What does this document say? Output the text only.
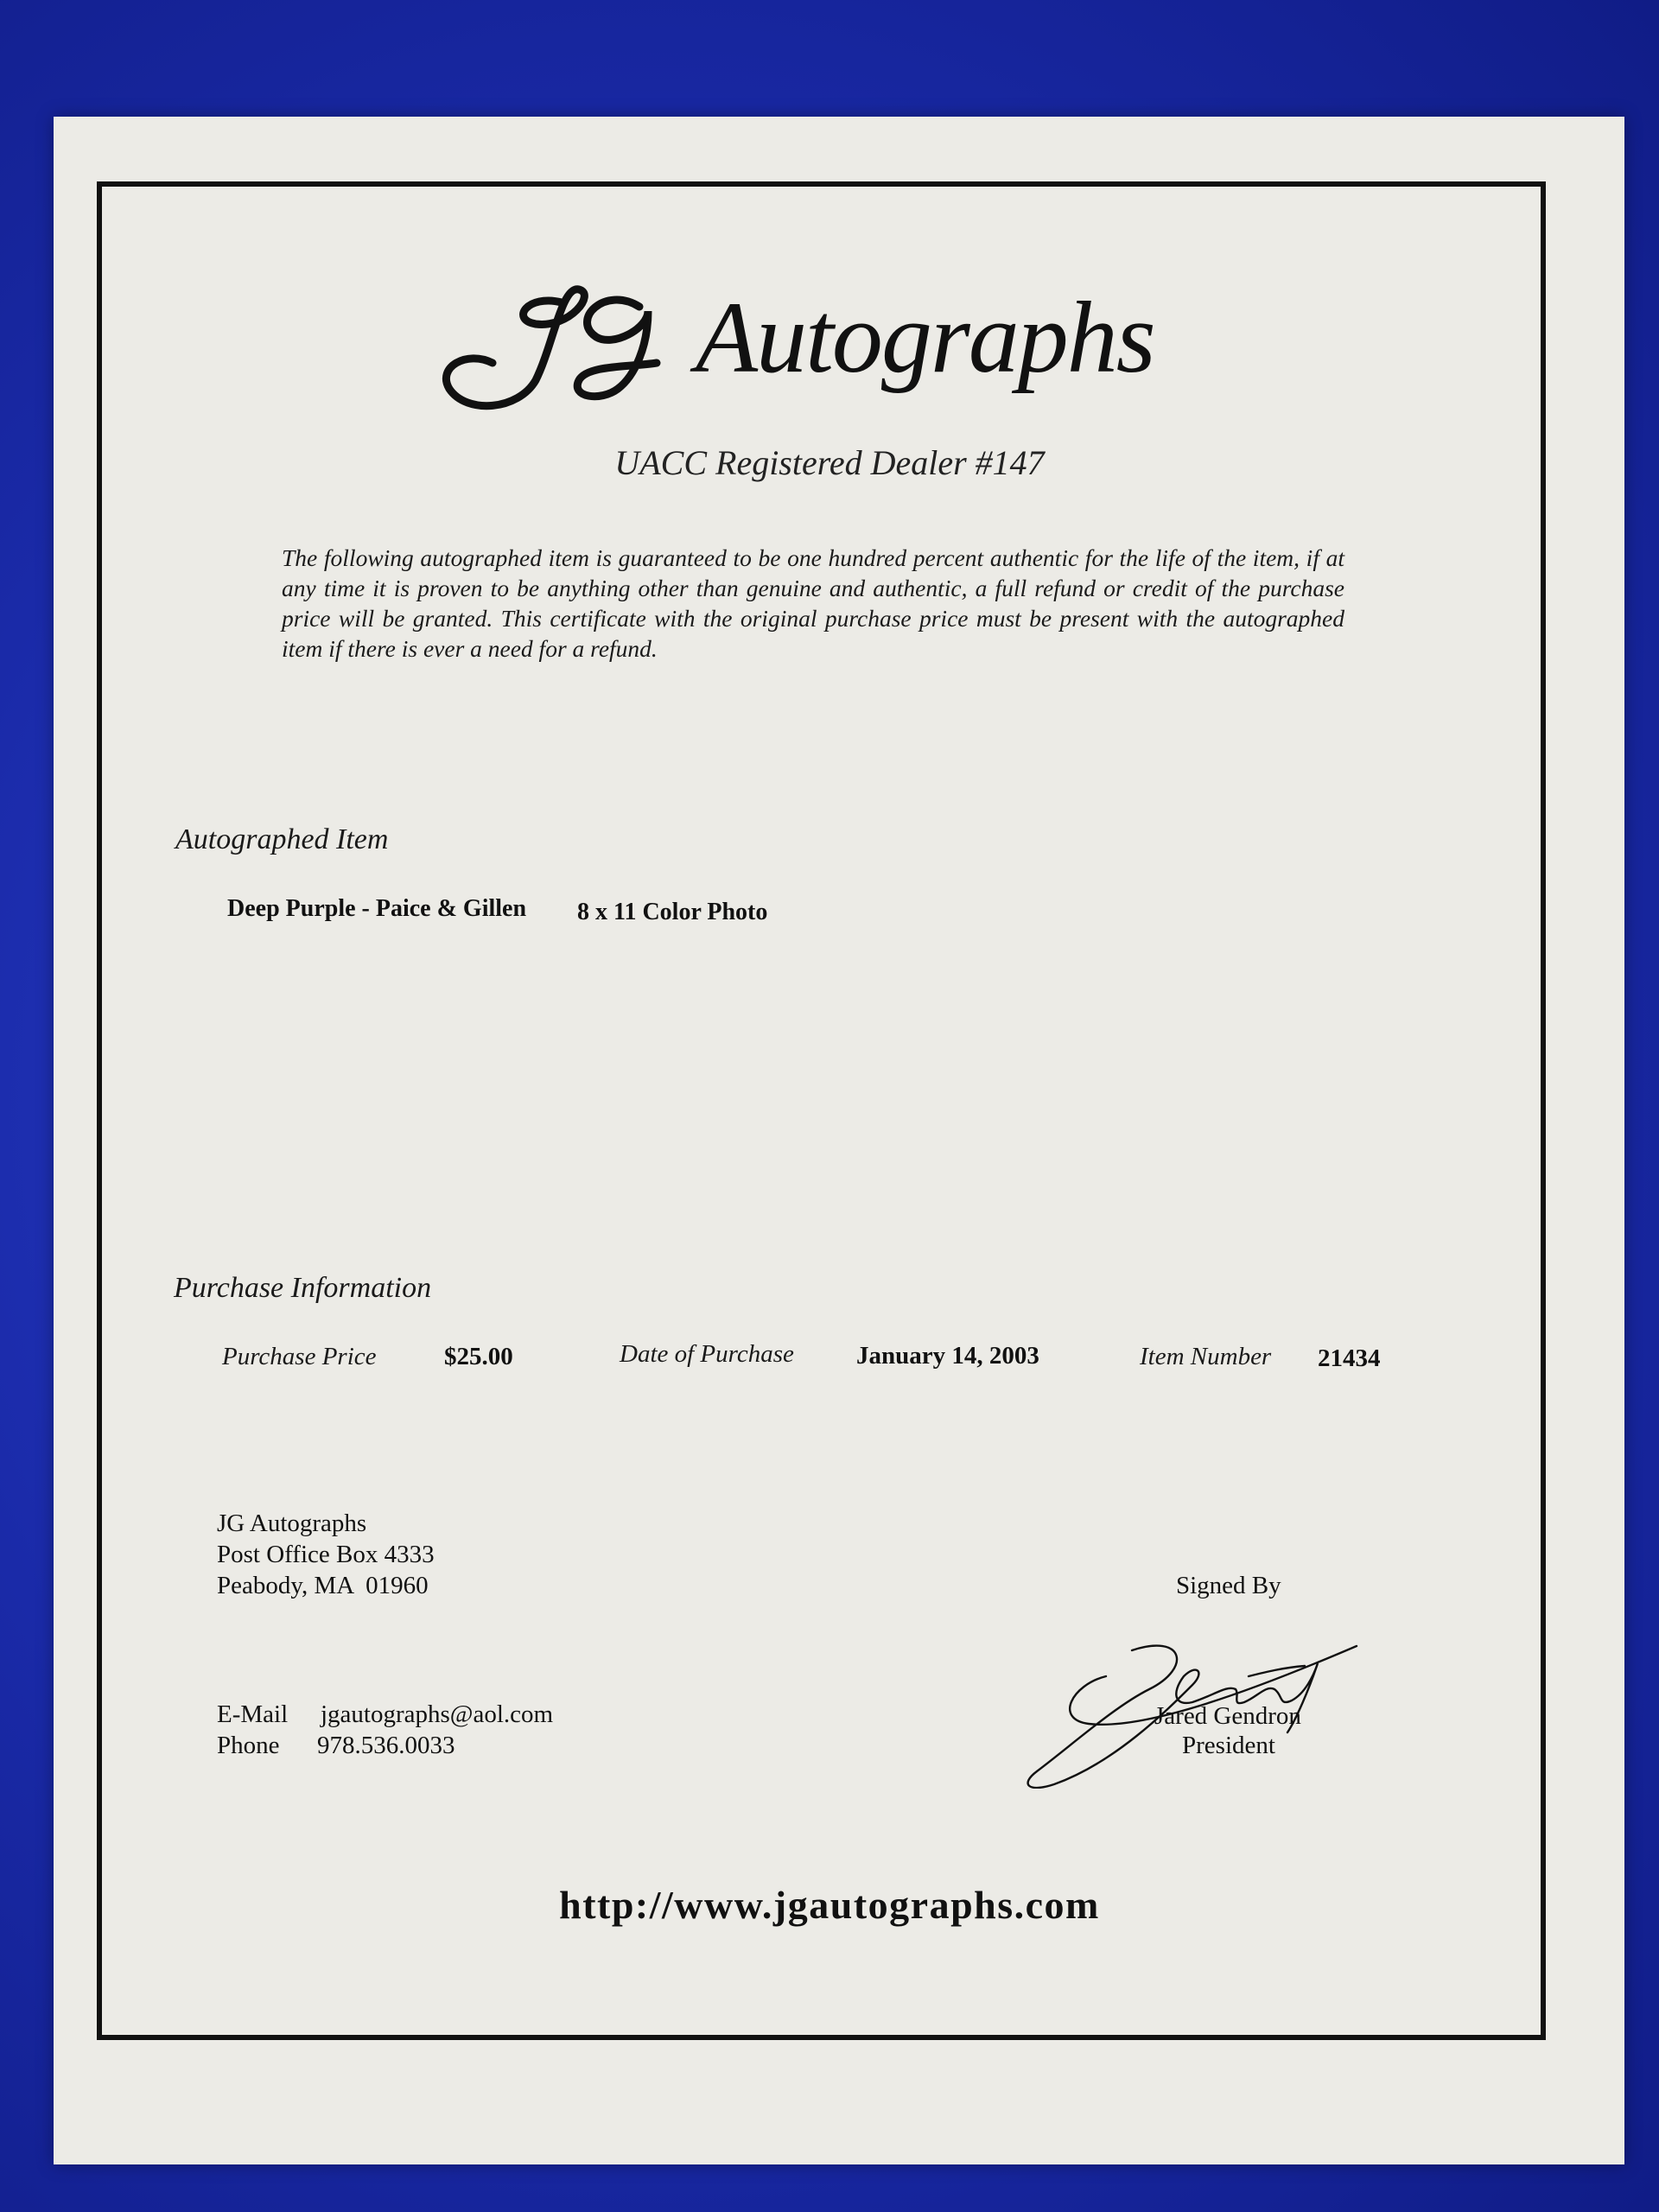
Autographs
UACC Registered Dealer #147
The following autographed item is guaranteed to be one hundred percent authentic for the life of the item, if at any time it is proven to be anything other than genuine and authentic, a full refund or credit of the purchase price will be granted. This certificate with the original purchase price must be present with the autographed item if there is ever a need for a refund.
Autographed Item
Deep Purple - Paice & Gillen 8 x 11 Color Photo
Purchase Information
Purchase Price	$25.00	Date of Purchase January 14, 2003	Item Number 21434
JG Autographs
Post Office Box 4333
Peabody, MA  01960
E-Mail jgautographs@aol.com
Phone 978.536.0033
Signed By
Jared Gendron
President
http://www.jgautographs.com
